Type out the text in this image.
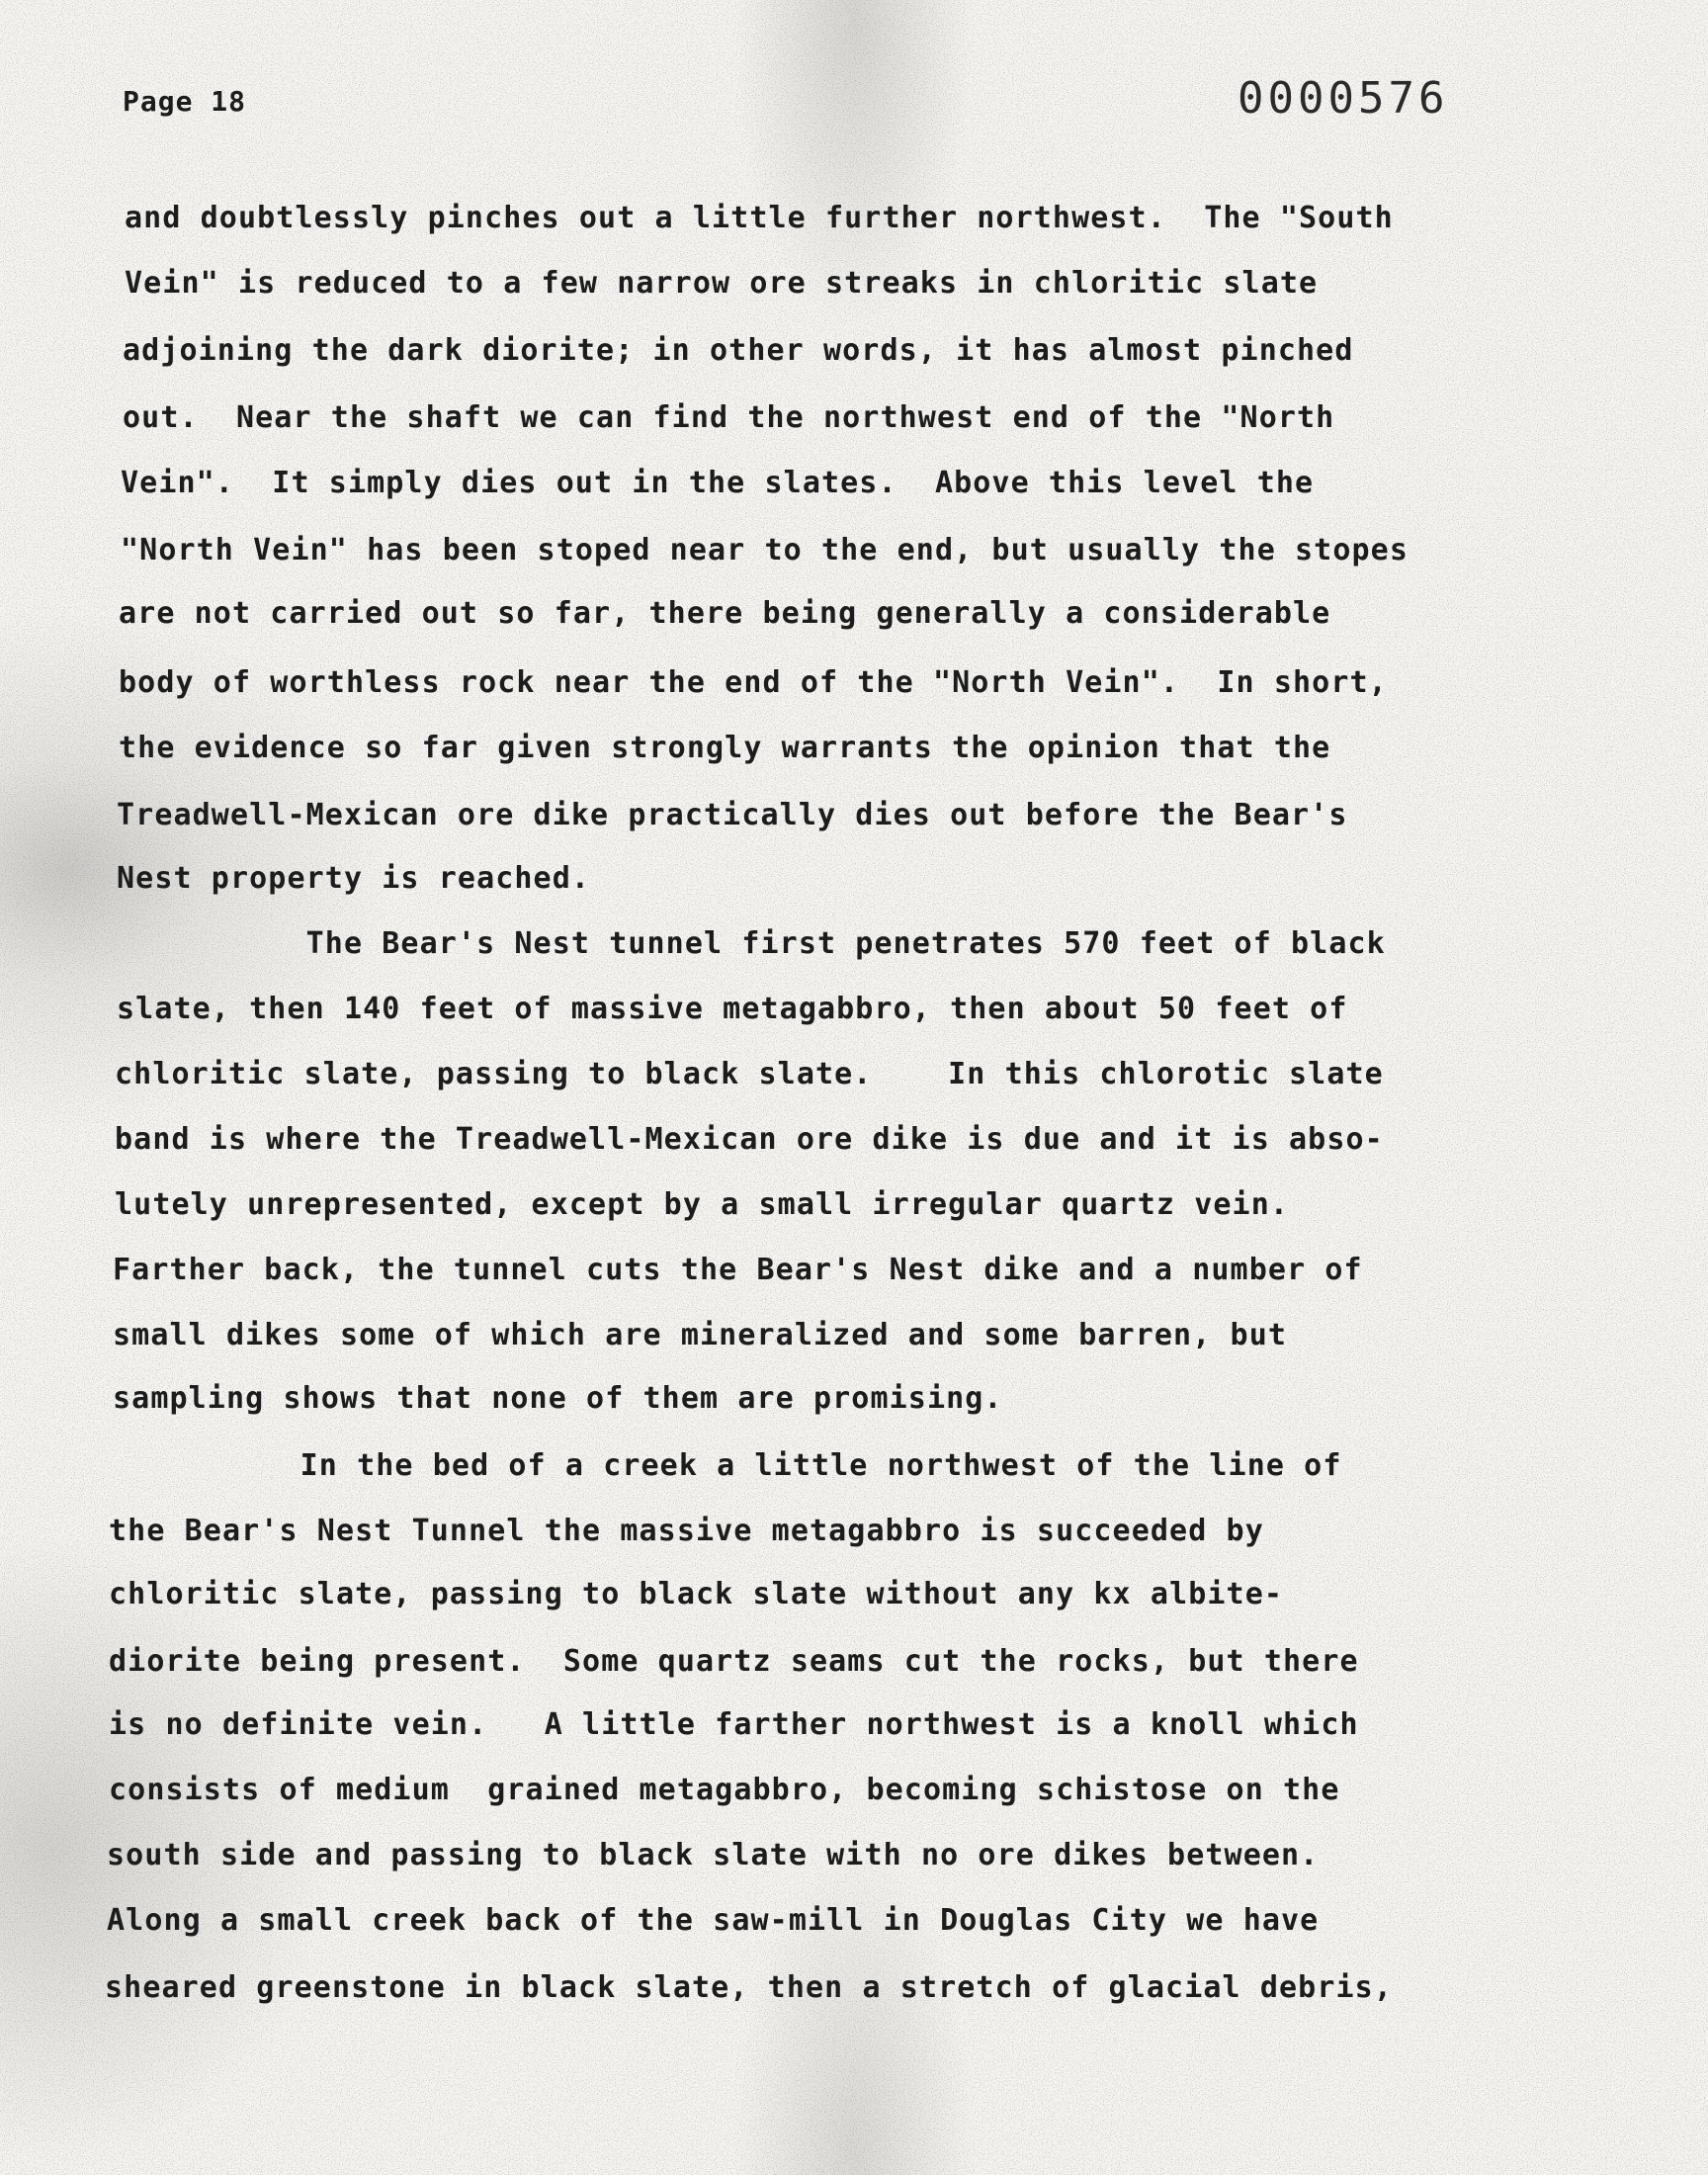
Page 18	0000576
and doubtlessly pinches out a little further northwest.  The "South
Vein" is reduced to a few narrow ore streaks in chloritic slate
adjoining the dark diorite; in other words, it has almost pinched
out.  Near the shaft we can find the northwest end of the "North
Vein".  It simply dies out in the slates.  Above this level the
"North Vein" has been stoped near to the end, but usually the stopes
are not carried out so far, there being generally a considerable
body of worthless rock near the end of the "North Vein".  In short,
the evidence so far given strongly warrants the opinion that the
Treadwell-Mexican ore dike practically dies out before the Bear's
Nest property is reached.
The Bear's Nest tunnel first penetrates 570 feet of black
slate, then 140 feet of massive metagabbro, then about 50 feet of
chloritic slate, passing to black slate.    In this chlorotic slate
band is where the Treadwell-Mexican ore dike is due and it is abso-
lutely unrepresented, except by a small irregular quartz vein.
Farther back, the tunnel cuts the Bear's Nest dike and a number of
small dikes some of which are mineralized and some barren, but
sampling shows that none of them are promising.
In the bed of a creek a little northwest of the line of
the Bear's Nest Tunnel the massive metagabbro is succeeded by
chloritic slate, passing to black slate without any kx albite-
diorite being present.  Some quartz seams cut the rocks, but there
is no definite vein.   A little farther northwest is a knoll which
consists of medium  grained metagabbro, becoming schistose on the
south side and passing to black slate with no ore dikes between.
Along a small creek back of the saw-mill in Douglas City we have
sheared greenstone in black slate, then a stretch of glacial debris,
